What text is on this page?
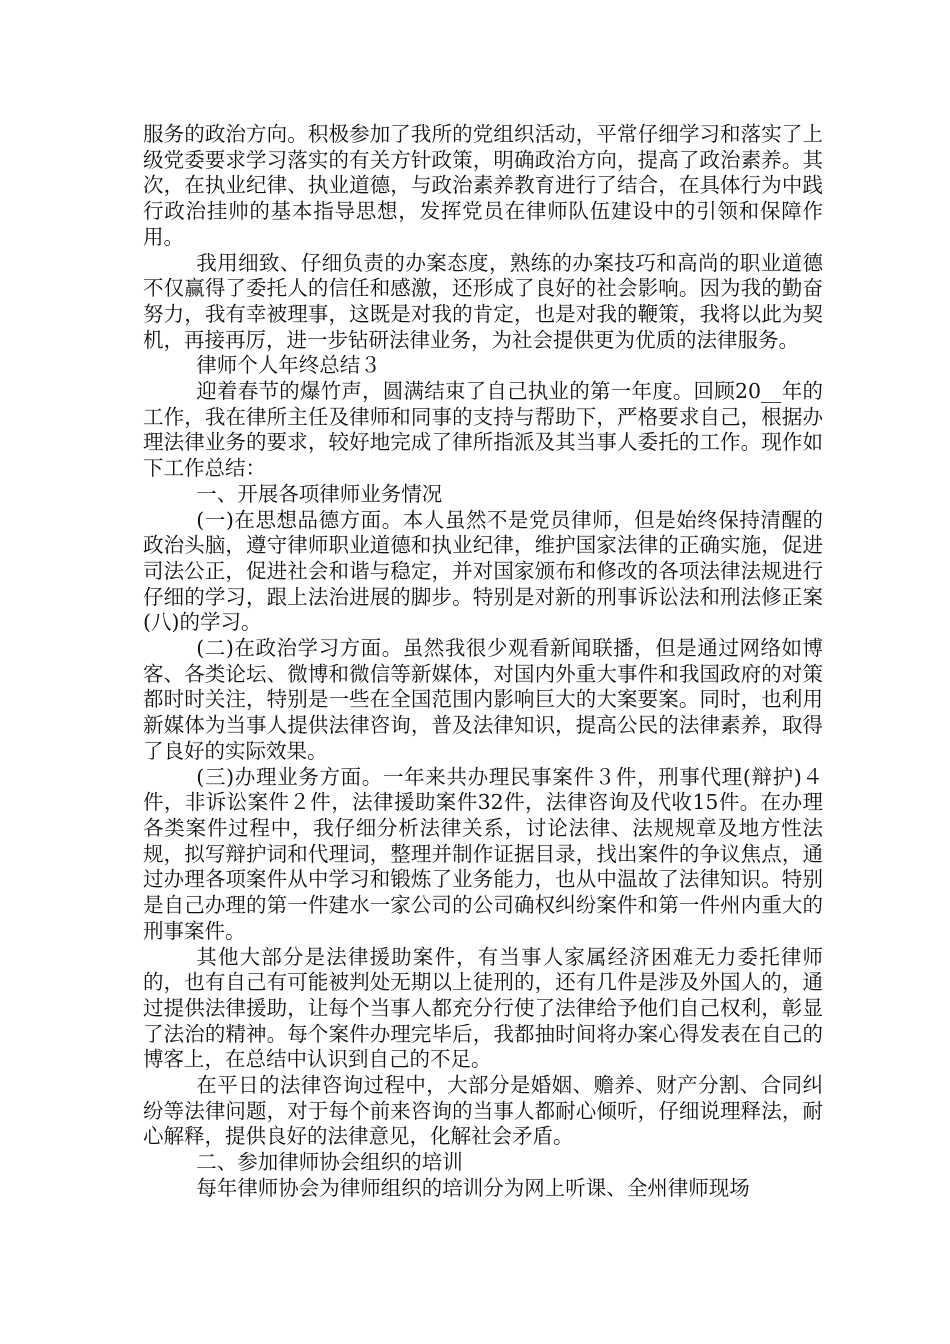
服务的政治方向。积极参加了我所的党组织活动，平常仔细学习和落实了上级党委要求学习落实的有关方针政策，明确政治方向，提高了政治素养。其次，在执业纪律、执业道德，与政治素养教育进行了结合，在具体行为中践行政治挂帅的基本指导思想，发挥党员在律师队伍建设中的引领和保障作用。

我用细致、仔细负责的办案态度，熟练的办案技巧和高尚的职业道德不仅赢得了委托人的信任和感激，还形成了良好的社会影响。因为我的勤奋努力，我有幸被理事，这既是对我的肯定，也是对我的鞭策，我将以此为契机，再接再厉，进一步钻研法律业务，为社会提供更为优质的法律服务。

律师个人年终总结３

迎着春节的爆竹声，圆满结束了自己执业的第一年度。回顾20__年的工作，我在律所主任及律师和同事的支持与帮助下，严格要求自己，根据办理法律业务的要求，较好地完成了律所指派及其当事人委托的工作。现作如下工作总结：

一、开展各项律师业务情况

(一)在思想品德方面。本人虽然不是党员律师，但是始终保持清醒的政治头脑，遵守律师职业道德和执业纪律，维护国家法律的正确实施，促进司法公正，促进社会和谐与稳定，并对国家颁布和修改的各项法律法规进行仔细的学习，跟上法治进展的脚步。特别是对新的刑事诉讼法和刑法修正案(八)的学习。

(二)在政治学习方面。虽然我很少观看新闻联播，但是通过网络如博客、各类论坛、微博和微信等新媒体，对国内外重大事件和我国政府的对策都时时关注，特别是一些在全国范围内影响巨大的大案要案。同时，也利用新媒体为当事人提供法律咨询，普及法律知识，提高公民的法律素养，取得了良好的实际效果。

(三)办理业务方面。一年来共办理民事案件３件，刑事代理(辩护)４件，非诉讼案件２件，法律援助案件32件，法律咨询及代收15件。在办理各类案件过程中，我仔细分析法律关系，讨论法律、法规规章及地方性法规，拟写辩护词和代理词，整理并制作证据目录，找出案件的争议焦点，通过办理各项案件从中学习和锻炼了业务能力，也从中温故了法律知识。特别是自己办理的第一件建水一家公司的公司确权纠纷案件和第一件州内重大的刑事案件。

其他大部分是法律援助案件，有当事人家属经济困难无力委托律师的，也有自己有可能被判处无期以上徒刑的，还有几件是涉及外国人的，通过提供法律援助，让每个当事人都充分行使了法律给予他们自己权利，彰显了法治的精神。每个案件办理完毕后，我都抽时间将办案心得发表在自己的博客上，在总结中认识到自己的不足。

在平日的法律咨询过程中，大部分是婚姻、赡养、财产分割、合同纠纷等法律问题，对于每个前来咨询的当事人都耐心倾听，仔细说理释法，耐心解释，提供良好的法律意见，化解社会矛盾。

二、参加律师协会组织的培训

每年律师协会为律师组织的培训分为网上听课、全州律师现场
